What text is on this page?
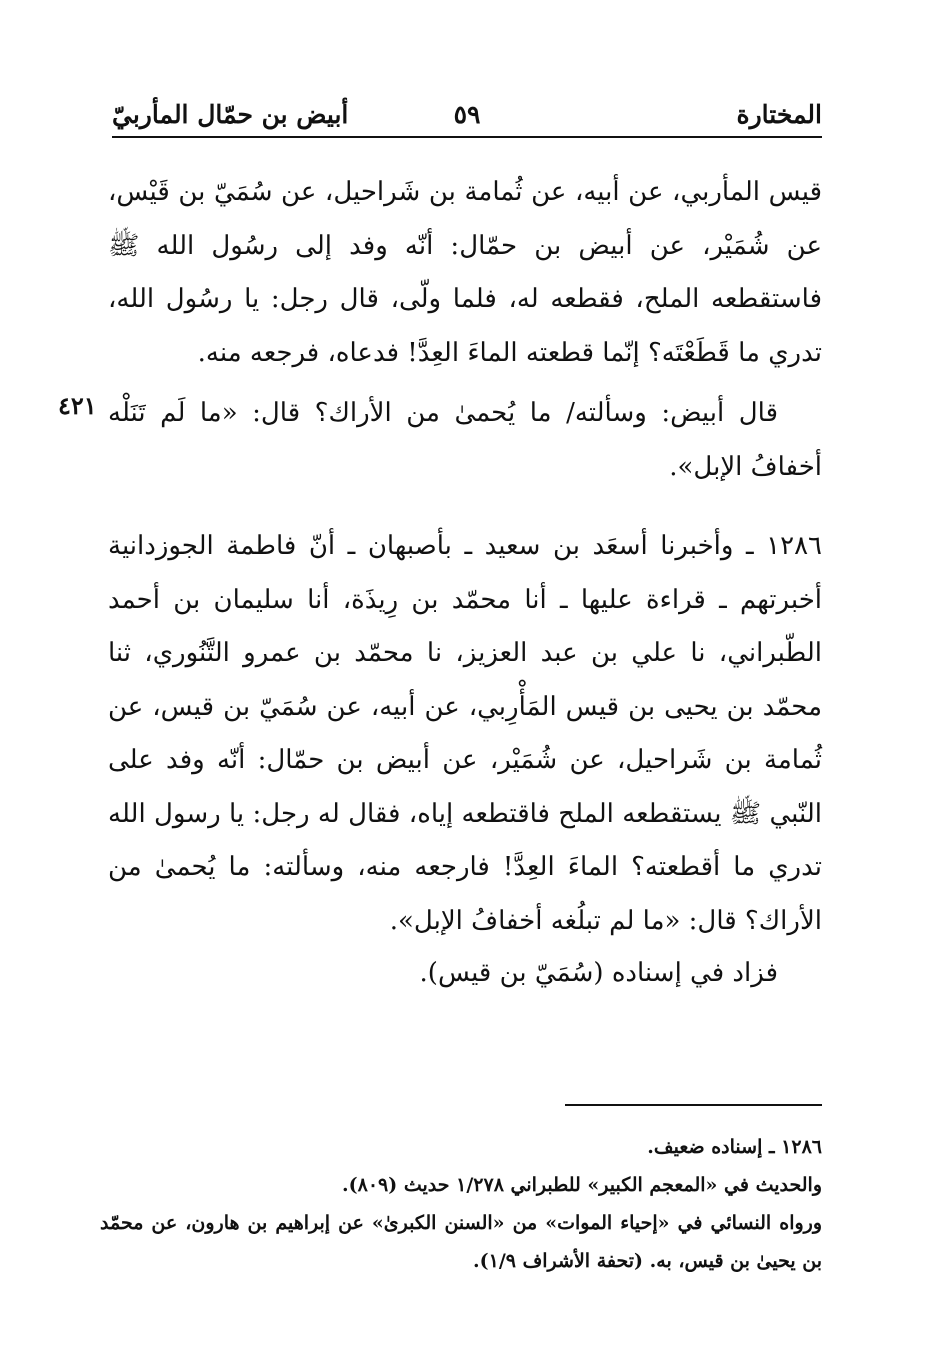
المختارة
٥٩
أبيض بن حمّال المأربيّ

قيس المأربي، عن أبيه، عن ثُمامة بن شَراحيل، عن سُمَيّ بن قَيْس، عن شُمَيْر، عن أبيض بن حمّال: أنّه وفد إلى رسُول الله ﷺ فاستقطعه الملح، فقطعه له، فلما ولّى، قال رجل: يا رسُول الله، تدري ما قَطَعْتَه؟ إنّما قطعته الماءَ العِدَّ! فدعاه، فرجعه منه.

٤٢١ قال أبيض: وسألته/ ما يُحمىٰ من الأراك؟ قال: «ما لَم تَنَلْه أخفافُ الإبل».

١٢٨٦ ـ وأخبرنا أسعَد بن سعيد ـ بأصبهان ـ أنّ فاطمة الجوزدانية أخبرتهم ـ قراءة عليها ـ أنا محمّد بن رِيذَة، أنا سليمان بن أحمد الطّبراني، نا علي بن عبد العزيز، نا محمّد بن عمرو التَّنُوري، ثنا محمّد بن يحيى بن قيس المَأْرِبي، عن أبيه، عن سُمَيّ بن قيس، عن ثُمامة بن شَراحيل، عن شُمَيْر، عن أبيض بن حمّال: أنّه وفد على النّبي ﷺ يستقطعه الملح فاقتطعه إياه، فقال له رجل: يا رسول الله تدري ما أقطعته؟ الماءَ العِدَّ! فارجعه منه، وسألته: ما يُحمىٰ من الأراك؟ قال: «ما لم تبلُغه أخفافُ الإبل».

فزاد في إسناده (سُمَيّ بن قيس).

١٢٨٦ ـ إسناده ضعيف.
والحديث في «المعجم الكبير» للطبراني ١/٢٧٨ حديث (٨٠٩).
ورواه النسائي في «إحياء الموات» من «السنن الكبرىٰ» عن إبراهيم بن هارون، عن محمّد بن يحيىٰ بن قيس، به. (تحفة الأشراف ١/٩).
